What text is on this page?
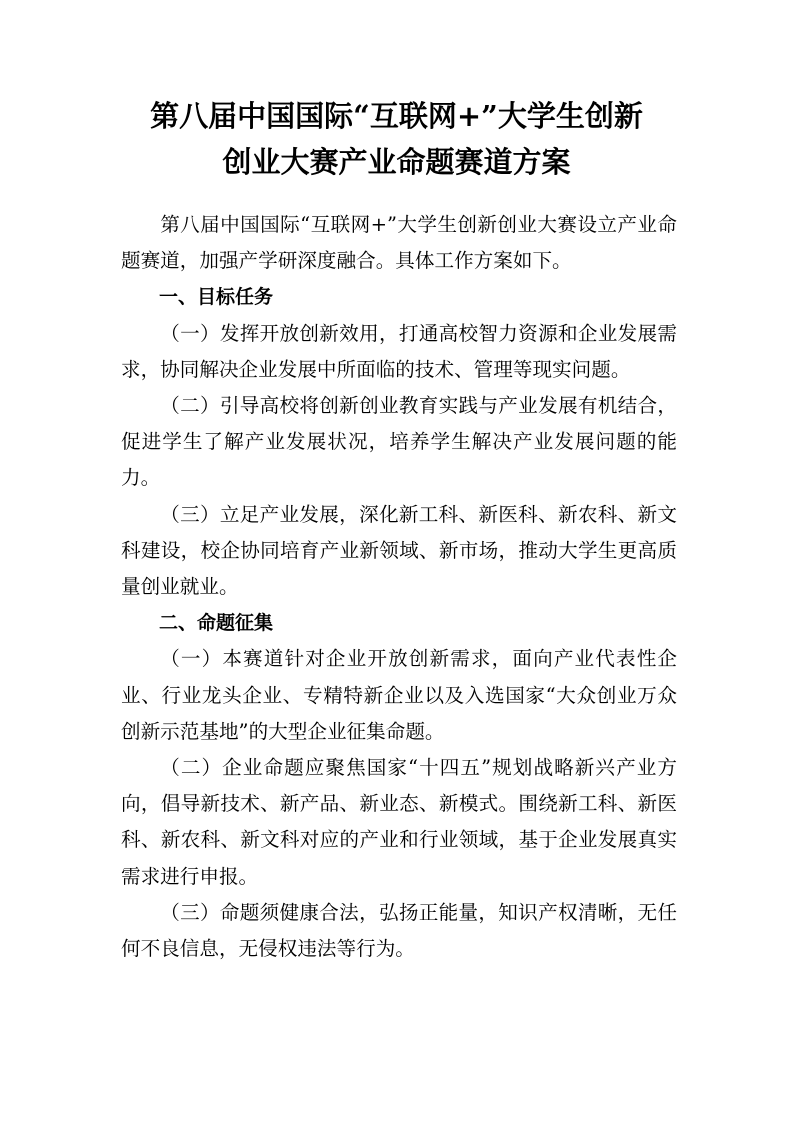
第八届中国国际“互联网+”大学生创新
创业大赛产业命题赛道方案

第八届中国国际“互联网+”大学生创新创业大赛设立产业命题赛道，加强产学研深度融合。具体工作方案如下。

一、目标任务

（一）发挥开放创新效用，打通高校智力资源和企业发展需求，协同解决企业发展中所面临的技术、管理等现实问题。

（二）引导高校将创新创业教育实践与产业发展有机结合，促进学生了解产业发展状况，培养学生解决产业发展问题的能力。

（三）立足产业发展，深化新工科、新医科、新农科、新文科建设，校企协同培育产业新领域、新市场，推动大学生更高质量创业就业。

二、命题征集

（一）本赛道针对企业开放创新需求，面向产业代表性企业、行业龙头企业、专精特新企业以及入选国家“大众创业万众创新示范基地”的大型企业征集命题。

（二）企业命题应聚焦国家“十四五”规划战略新兴产业方向，倡导新技术、新产品、新业态、新模式。围绕新工科、新医科、新农科、新文科对应的产业和行业领域，基于企业发展真实需求进行申报。

（三）命题须健康合法，弘扬正能量，知识产权清晰，无任何不良信息，无侵权违法等行为。
